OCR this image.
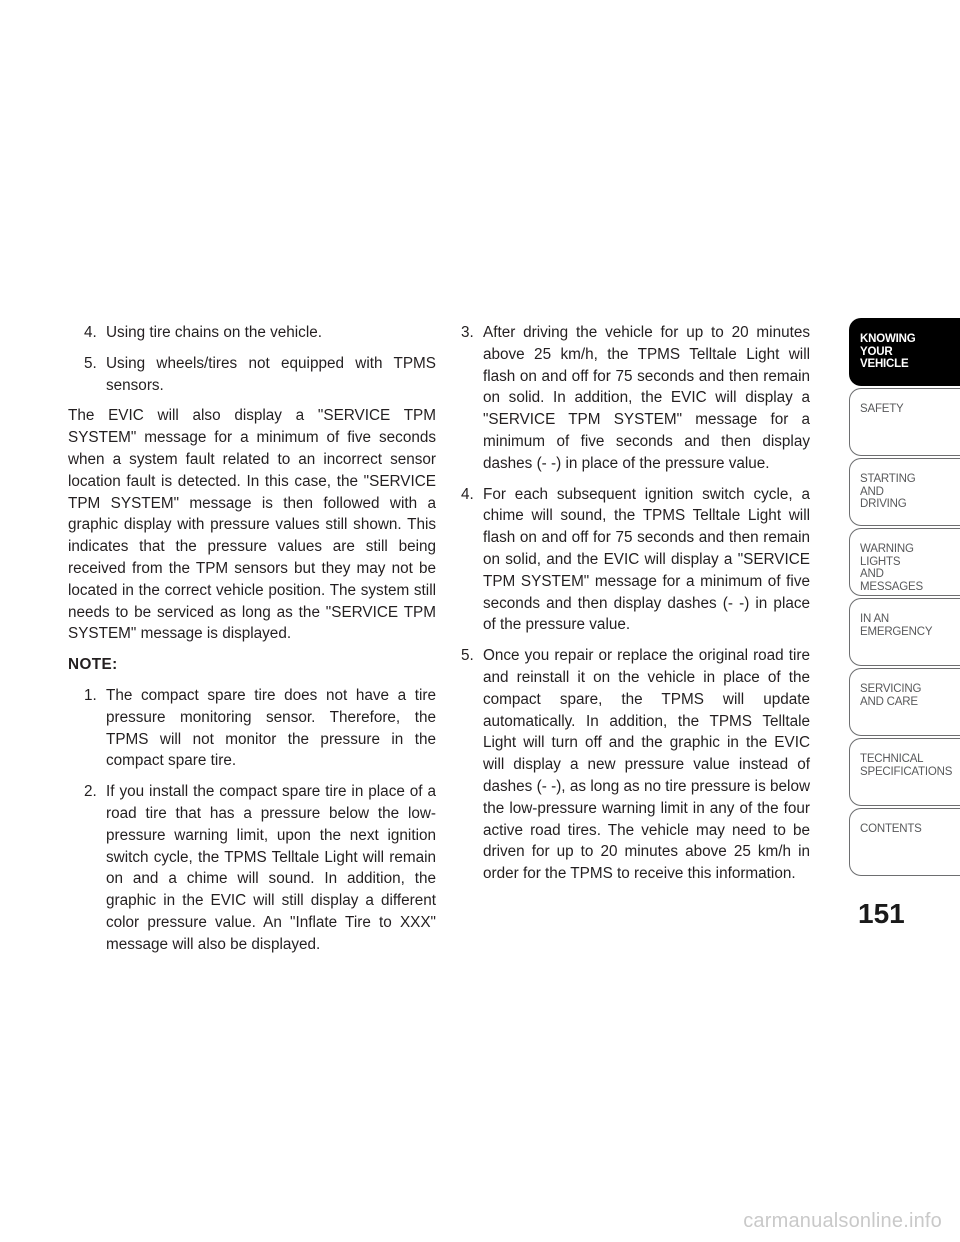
4. Using tire chains on the vehicle.

5. Using wheels/tires not equipped with TPMS sensors.

The EVIC will also display a "SERVICE TPM SYSTEM" message for a minimum of five seconds when a system fault related to an incorrect sensor location fault is detected. In this case, the "SERVICE TPM SYSTEM" message is then followed with a graphic display with pressure values still shown. This indicates that the pressure values are still being received from the TPM sensors but they may not be located in the correct vehicle position. The system still needs to be serviced as long as the "SERVICE TPM SYSTEM" message is displayed.

NOTE:

1. The compact spare tire does not have a tire pressure monitoring sensor. Therefore, the TPMS will not monitor the pressure in the compact spare tire.

2. If you install the compact spare tire in place of a road tire that has a pressure below the low-pressure warning limit, upon the next ignition switch cycle, the TPMS Telltale Light will remain on and a chime will sound. In addition, the graphic in the EVIC will still display a different color pressure value. An "Inflate Tire to XXX" message will also be displayed.

3. After driving the vehicle for up to 20 minutes above 25 km/h, the TPMS Telltale Light will flash on and off for 75 seconds and then remain on solid. In addition, the EVIC will display a "SERVICE TPM SYSTEM" message for a minimum of five seconds and then display dashes (- -) in place of the pressure value.

4. For each subsequent ignition switch cycle, a chime will sound, the TPMS Telltale Light will flash on and off for 75 seconds and then remain on solid, and the EVIC will display a "SERVICE TPM SYSTEM" message for a minimum of five seconds and then display dashes (- -) in place of the pressure value.

5. Once you repair or replace the original road tire and reinstall it on the vehicle in place of the compact spare, the TPMS will update automatically. In addition, the TPMS Telltale Light will turn off and the graphic in the EVIC will display a new pressure value instead of dashes (- -), as long as no tire pressure is below the low-pressure warning limit in any of the four active road tires. The vehicle may need to be driven for up to 20 minutes above 25 km/h in order for the TPMS to receive this information.

KNOWING
YOUR
VEHICLE
SAFETY
STARTING
AND
DRIVING
WARNING
LIGHTS
AND
MESSAGES
IN AN
EMERGENCY
SERVICING
AND CARE
TECHNICAL
SPECIFICATIONS
CONTENTS
151
carmanualsonline.info
